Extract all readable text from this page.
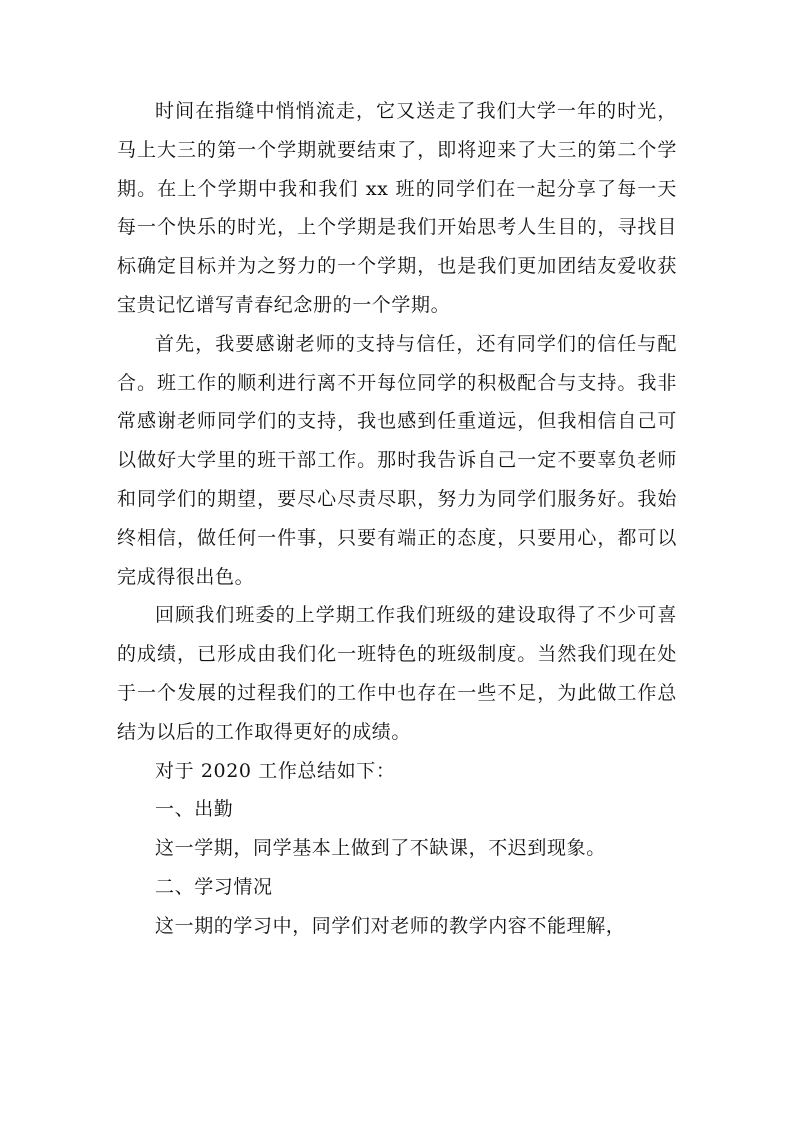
时间在指缝中悄悄流走，它又送走了我们大学一年的时光，马上大三的第一个学期就要结束了，即将迎来了大三的第二个学期。在上个学期中我和我们 xx 班的同学们在一起分享了每一天每一个快乐的时光，上个学期是我们开始思考人生目的，寻找目标确定目标并为之努力的一个学期，也是我们更加团结友爱收获宝贵记忆谱写青春纪念册的一个学期。

首先，我要感谢老师的支持与信任，还有同学们的信任与配合。班工作的顺利进行离不开每位同学的积极配合与支持。我非常感谢老师同学们的支持，我也感到任重道远，但我相信自己可以做好大学里的班干部工作。那时我告诉自己一定不要辜负老师和同学们的期望，要尽心尽责尽职，努力为同学们服务好。我始终相信，做任何一件事，只要有端正的态度，只要用心，都可以完成得很出色。

回顾我们班委的上学期工作我们班级的建设取得了不少可喜的成绩，已形成由我们化一班特色的班级制度。当然我们现在处于一个发展的过程我们的工作中也存在一些不足，为此做工作总结为以后的工作取得更好的成绩。

对于 2020 工作总结如下：

一、出勤

这一学期，同学基本上做到了不缺课，不迟到现象。

二、学习情况

这一期的学习中，同学们对老师的教学内容不能理解，
